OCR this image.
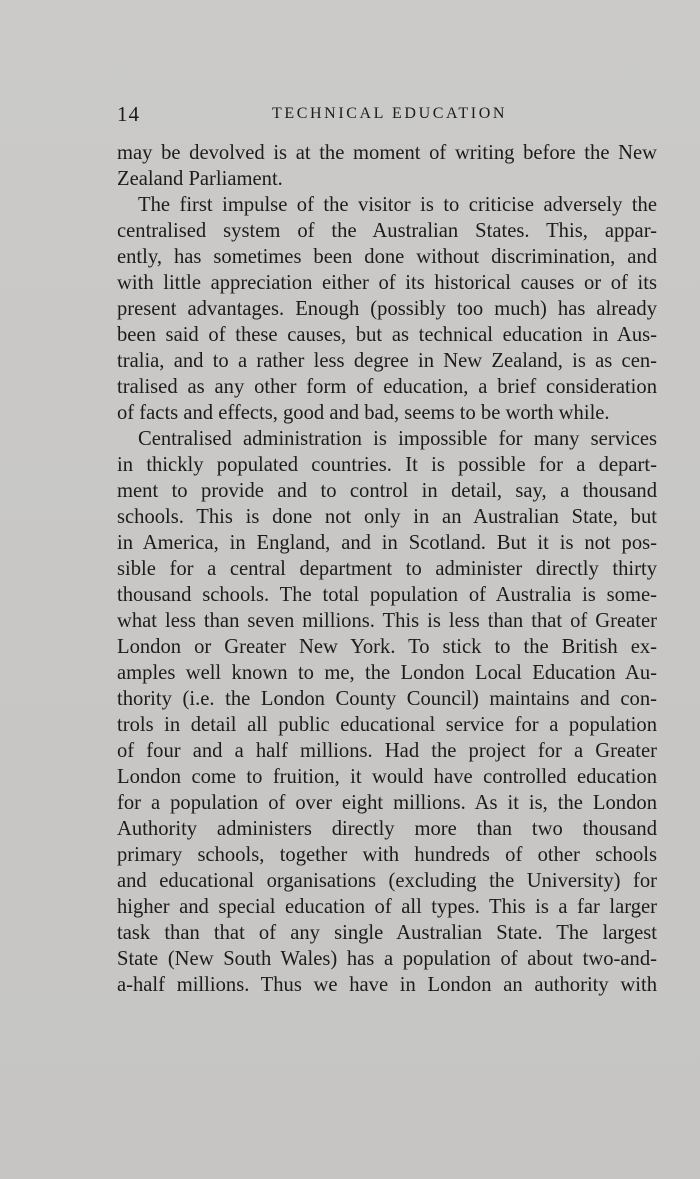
14	TECHNICAL EDUCATION
may be devolved is at the moment of writing before the New
Zealand Parliament.
The first impulse of the visitor is to criticise adversely the
centralised system of the Australian States. This, appar-
ently, has sometimes been done without discrimination, and
with little appreciation either of its historical causes or of its
present advantages. Enough (possibly too much) has already
been said of these causes, but as technical education in Aus-
tralia, and to a rather less degree in New Zealand, is as cen-
tralised as any other form of education, a brief consideration
of facts and effects, good and bad, seems to be worth while.
Centralised administration is impossible for many services
in thickly populated countries. It is possible for a depart-
ment to provide and to control in detail, say, a thousand
schools. This is done not only in an Australian State, but
in America, in England, and in Scotland. But it is not pos-
sible for a central department to administer directly thirty
thousand schools. The total population of Australia is some-
what less than seven millions. This is less than that of Greater
London or Greater New York. To stick to the British ex-
amples well known to me, the London Local Education Au-
thority (i.e. the London County Council) maintains and con-
trols in detail all public educational service for a population
of four and a half millions. Had the project for a Greater
London come to fruition, it would have controlled education
for a population of over eight millions. As it is, the London
Authority administers directly more than two thousand
primary schools, together with hundreds of other schools
and educational organisations (excluding the University) for
higher and special education of all types. This is a far larger
task than that of any single Australian State. The largest
State (New South Wales) has a population of about two-and-
a-half millions. Thus we have in London an authority with
